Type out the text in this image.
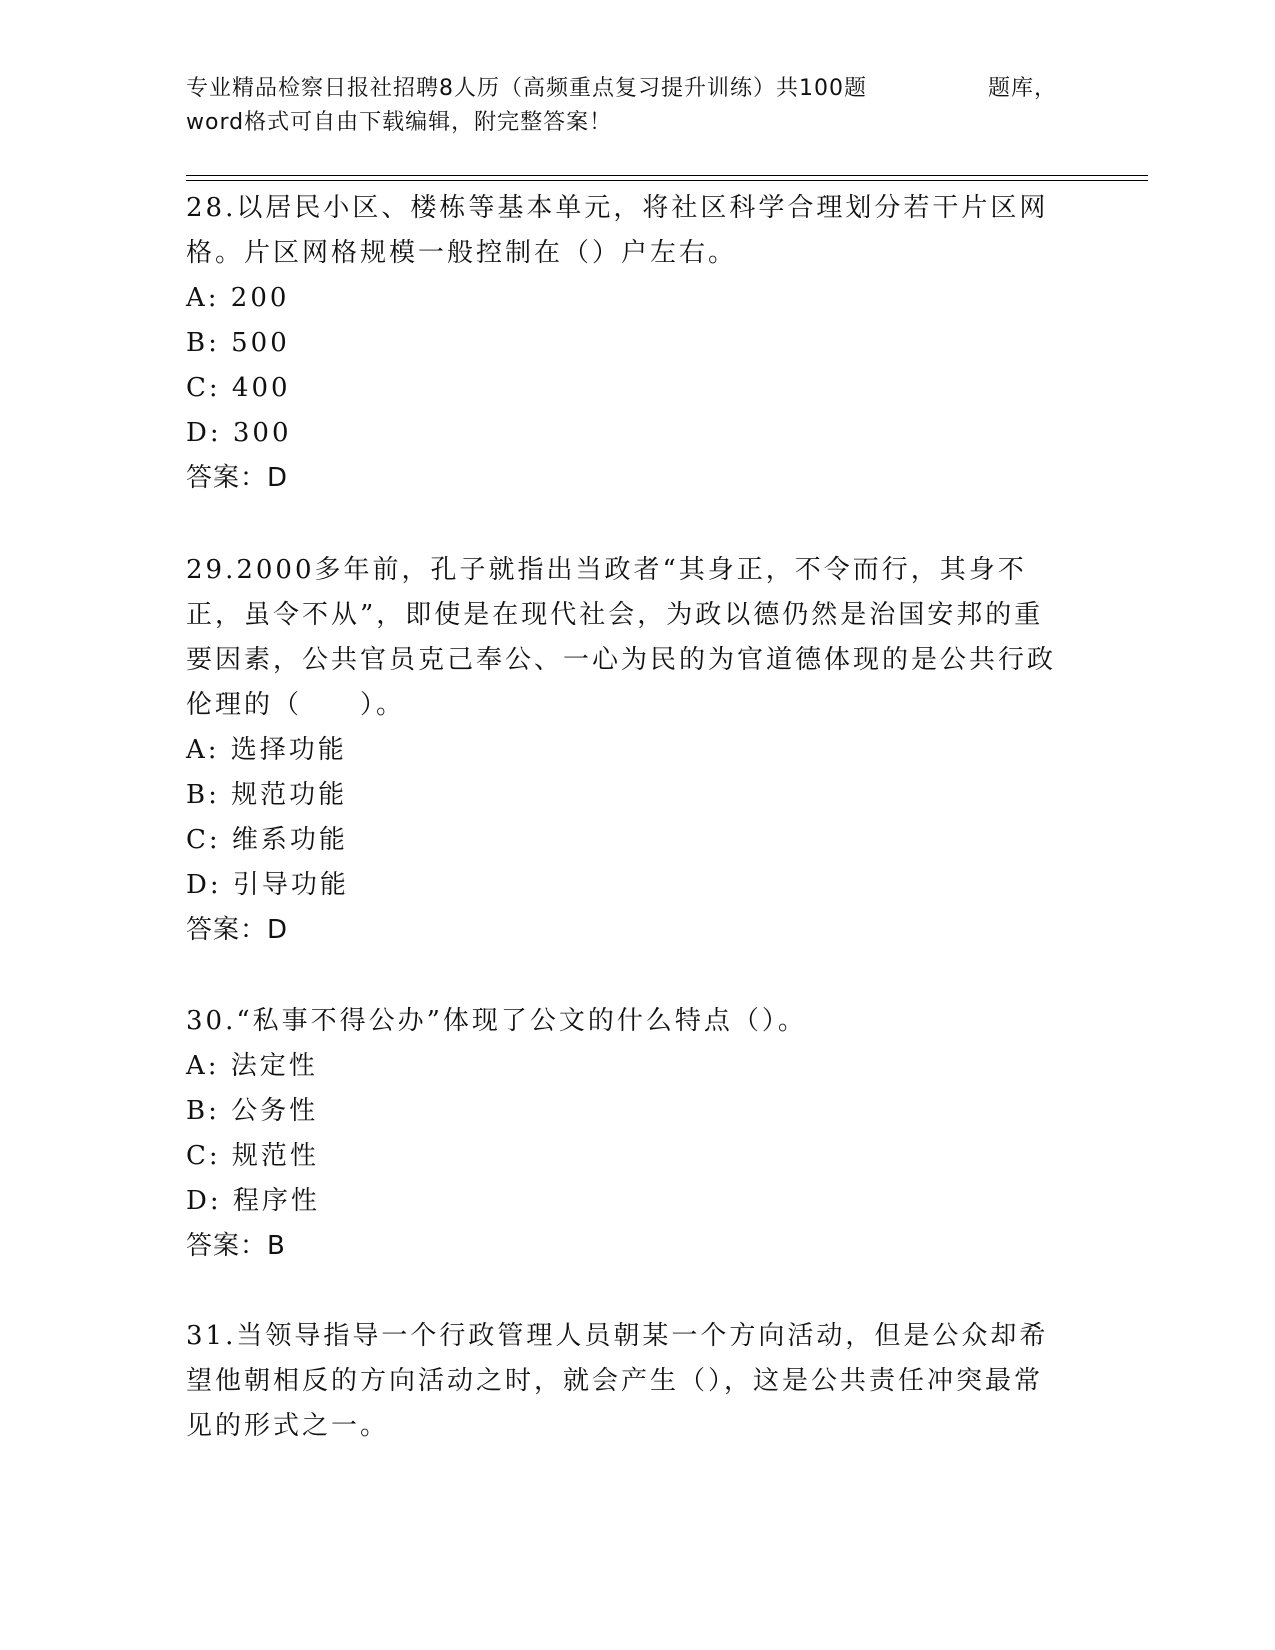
专业精品检察日报社招聘8人历（高频重点复习提升训练）共100题	题库，
word格式可自由下载编辑，附完整答案！

28.以居民小区、楼栋等基本单元，将社区科学合理划分若干片区网格。片区网格规模一般控制在（）户左右。

A: 200

B: 500

C: 400

D: 300

答案：D

29.2000多年前，孔子就指出当政者“其身正，不令而行，其身不正，虽令不从”，即使是在现代社会，为政以德仍然是治国安邦的重要因素，公共官员克己奉公、一心为民的为官道德体现的是公共行政伦理的（　　）。

A: 选择功能

B: 规范功能

C: 维系功能

D: 引导功能

答案：D

30.“私事不得公办”体现了公文的什么特点（）。

A: 法定性

B: 公务性

C: 规范性

D: 程序性

答案：B

31.当领导指导一个行政管理人员朝某一个方向活动，但是公众却希望他朝相反的方向活动之时，就会产生（），这是公共责任冲突最常见的形式之一。
